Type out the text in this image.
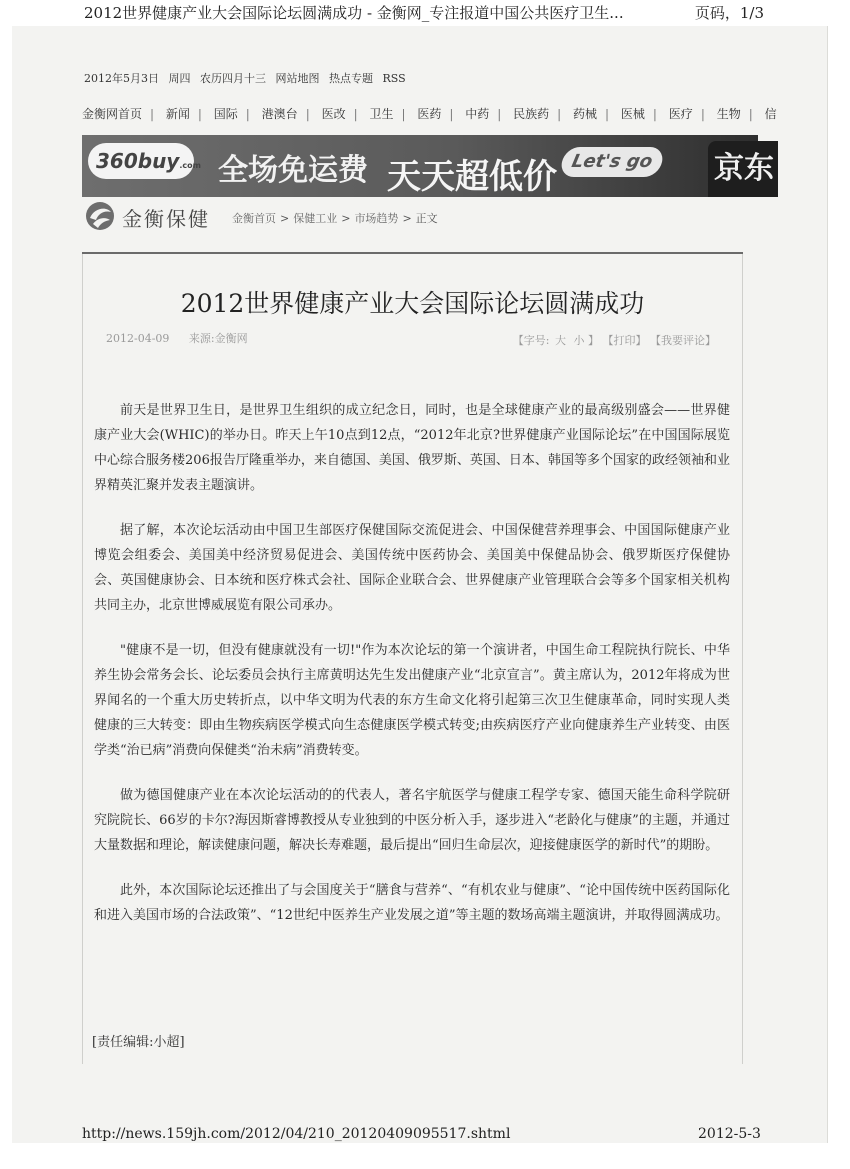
2012世界健康产业大会国际论坛圆满成功 - 金衡网_专注报道中国公共医疗卫生...	页码，1/3
2012年5月3日 周四 农历四月十三 网站地图 热点专题 RSS
金衡网首页 | 新闻 | 国际 | 港澳台 | 医改 | 卫生 | 医药 | 中药 | 民族药 | 药械 | 医械 | 医疗 | 生物 | 信
360buy.com 全场免运费 天天超低价 Let's go	京东
金衡保健 金衡首页 > 保健工业 > 市场趋势 > 正文
2012世界健康产业大会国际论坛圆满成功
2012-04-09 来源:金衡网	【字号: 大 小 】 【打印】 【我要评论】

前天是世界卫生日，是世界卫生组织的成立纪念日，同时，也是全球健康产业的最高级别盛会——世界健康产业大会(WHIC)的举办日。昨天上午10点到12点，“2012年北京?世界健康产业国际论坛”在中国国际展览中心综合服务楼206报告厅隆重举办，来自德国、美国、俄罗斯、英国、日本、韩国等多个国家的政经领袖和业界精英汇聚并发表主题演讲。

据了解，本次论坛活动由中国卫生部医疗保健国际交流促进会、中国保健营养理事会、中国国际健康产业博览会组委会、美国美中经济贸易促进会、美国传统中医药协会、美国美中保健品协会、俄罗斯医疗保健协会、英国健康协会、日本统和医疗株式会社、国际企业联合会、世界健康产业管理联合会等多个国家相关机构共同主办，北京世博威展览有限公司承办。

"健康不是一切，但没有健康就没有一切!"作为本次论坛的第一个演讲者，中国生命工程院执行院长、中华养生协会常务会长、论坛委员会执行主席黄明达先生发出健康产业“北京宣言”。黄主席认为，2012年将成为世界闻名的一个重大历史转折点，以中华文明为代表的东方生命文化将引起第三次卫生健康革命，同时实现人类健康的三大转变：即由生物疾病医学模式向生态健康医学模式转变;由疾病医疗产业向健康养生产业转变、由医学类“治已病”消费向保健类“治未病”消费转变。

做为德国健康产业在本次论坛活动的的代表人，著名宇航医学与健康工程学专家、德国天能生命科学院研究院院长、66岁的卡尔?海因斯睿博教授从专业独到的中医分析入手，逐步进入“老龄化与健康”的主题，并通过大量数据和理论，解读健康问题，解决长寿难题，最后提出“回归生命层次，迎接健康医学的新时代”的期盼。

此外，本次国际论坛还推出了与会国度关于“膳食与营养“、“有机农业与健康”、“论中国传统中医药国际化和进入美国市场的合法政策”、“12世纪中医养生产业发展之道”等主题的数场高端主题演讲，并取得圆满成功。

[责任编辑:小超]
http://news.159jh.com/2012/04/210_20120409095517.shtml	2012-5-3
